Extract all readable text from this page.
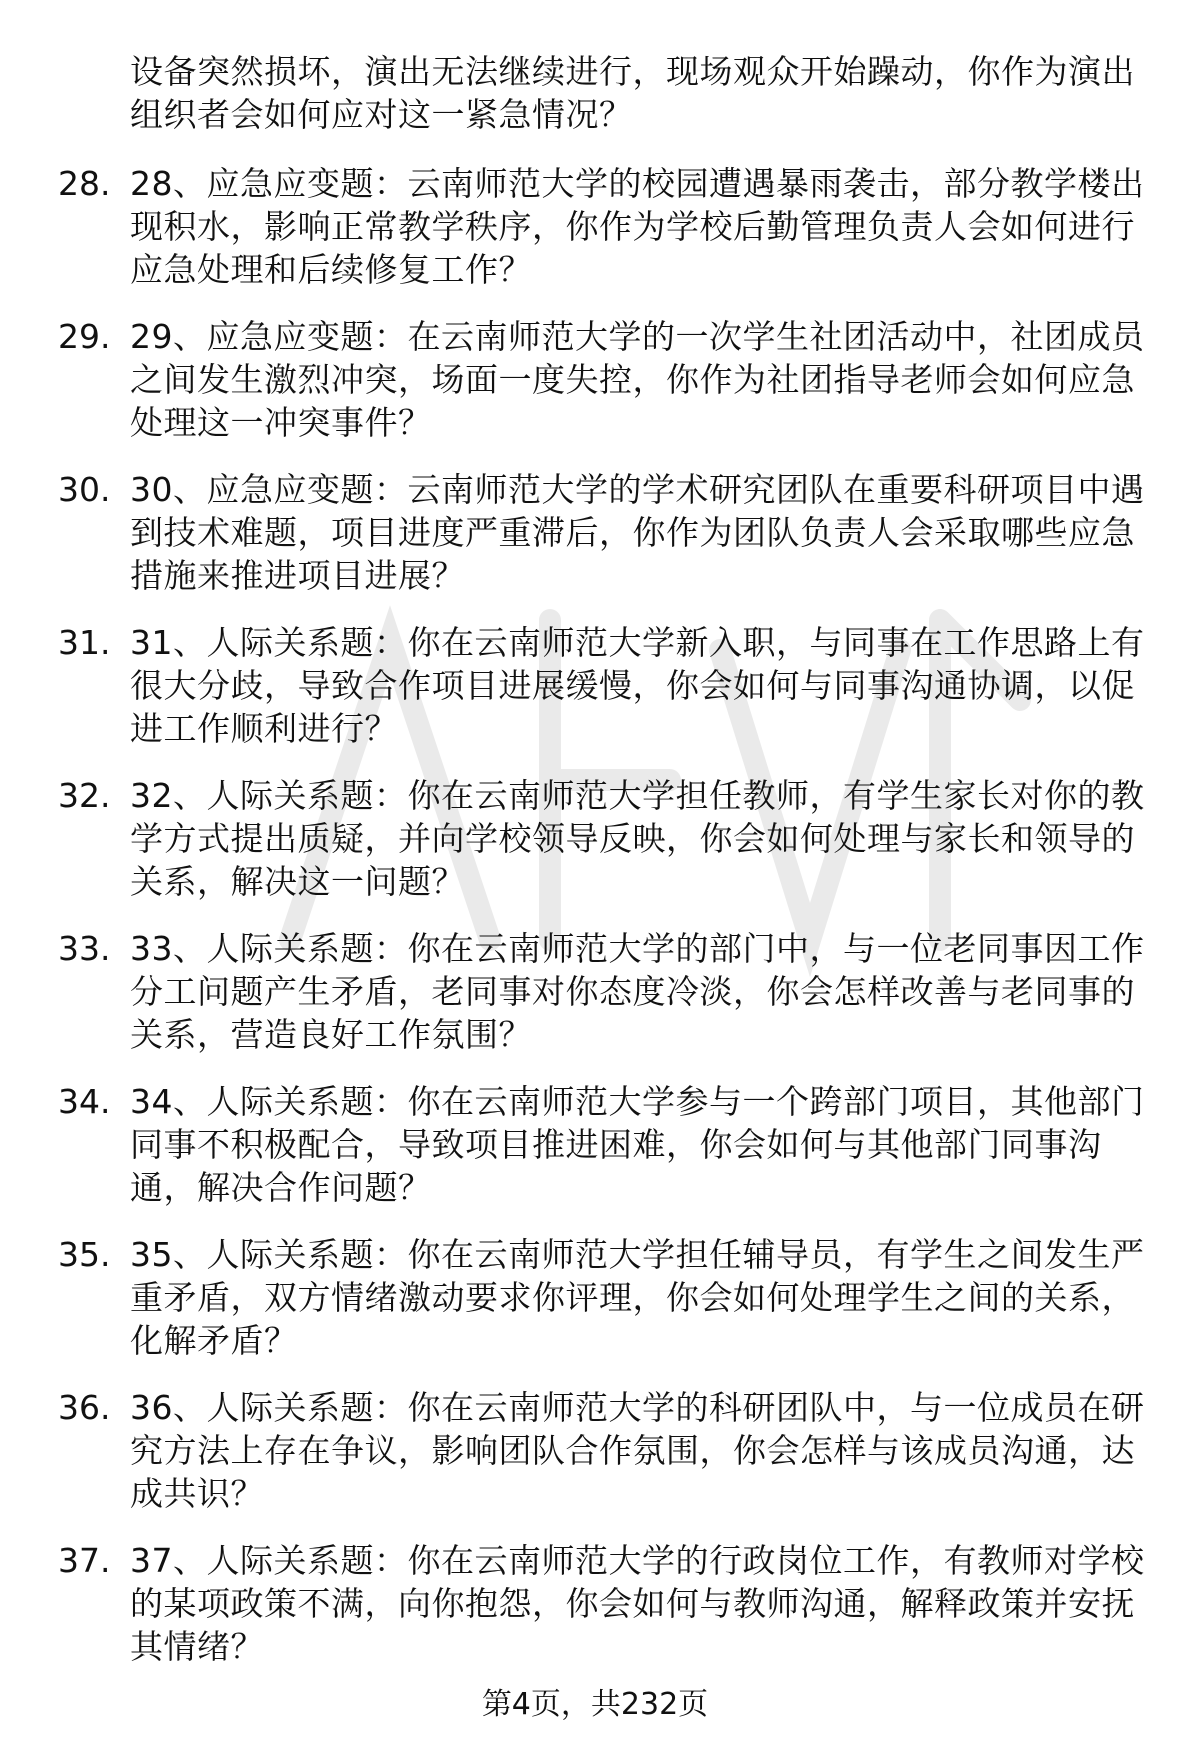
设备突然损坏，演出无法继续进行，现场观众开始躁动，你作为演出组织者会如何应对这一紧急情况？

28. 28、应急应变题：云南师范大学的校园遭遇暴雨袭击，部分教学楼出现积水，影响正常教学秩序，你作为学校后勤管理负责人会如何进行应急处理和后续修复工作？

29. 29、应急应变题：在云南师范大学的一次学生社团活动中，社团成员之间发生激烈冲突，场面一度失控，你作为社团指导老师会如何应急处理这一冲突事件？

30. 30、应急应变题：云南师范大学的学术研究团队在重要科研项目中遇到技术难题，项目进度严重滞后，你作为团队负责人会采取哪些应急措施来推进项目进展？

31. 31、人际关系题：你在云南师范大学新入职，与同事在工作思路上有很大分歧，导致合作项目进展缓慢，你会如何与同事沟通协调，以促进工作顺利进行？

32. 32、人际关系题：你在云南师范大学担任教师，有学生家长对你的教学方式提出质疑，并向学校领导反映，你会如何处理与家长和领导的关系，解决这一问题？

33. 33、人际关系题：你在云南师范大学的部门中，与一位老同事因工作分工问题产生矛盾，老同事对你态度冷淡，你会怎样改善与老同事的关系，营造良好工作氛围？

34. 34、人际关系题：你在云南师范大学参与一个跨部门项目，其他部门同事不积极配合，导致项目推进困难，你会如何与其他部门同事沟通，解决合作问题？

35. 35、人际关系题：你在云南师范大学担任辅导员，有学生之间发生严重矛盾，双方情绪激动要求你评理，你会如何处理学生之间的关系，化解矛盾？

36. 36、人际关系题：你在云南师范大学的科研团队中，与一位成员在研究方法上存在争议，影响团队合作氛围，你会怎样与该成员沟通，达成共识？

37. 37、人际关系题：你在云南师范大学的行政岗位工作，有教师对学校的某项政策不满，向你抱怨，你会如何与教师沟通，解释政策并安抚其情绪？

第4页，共232页
